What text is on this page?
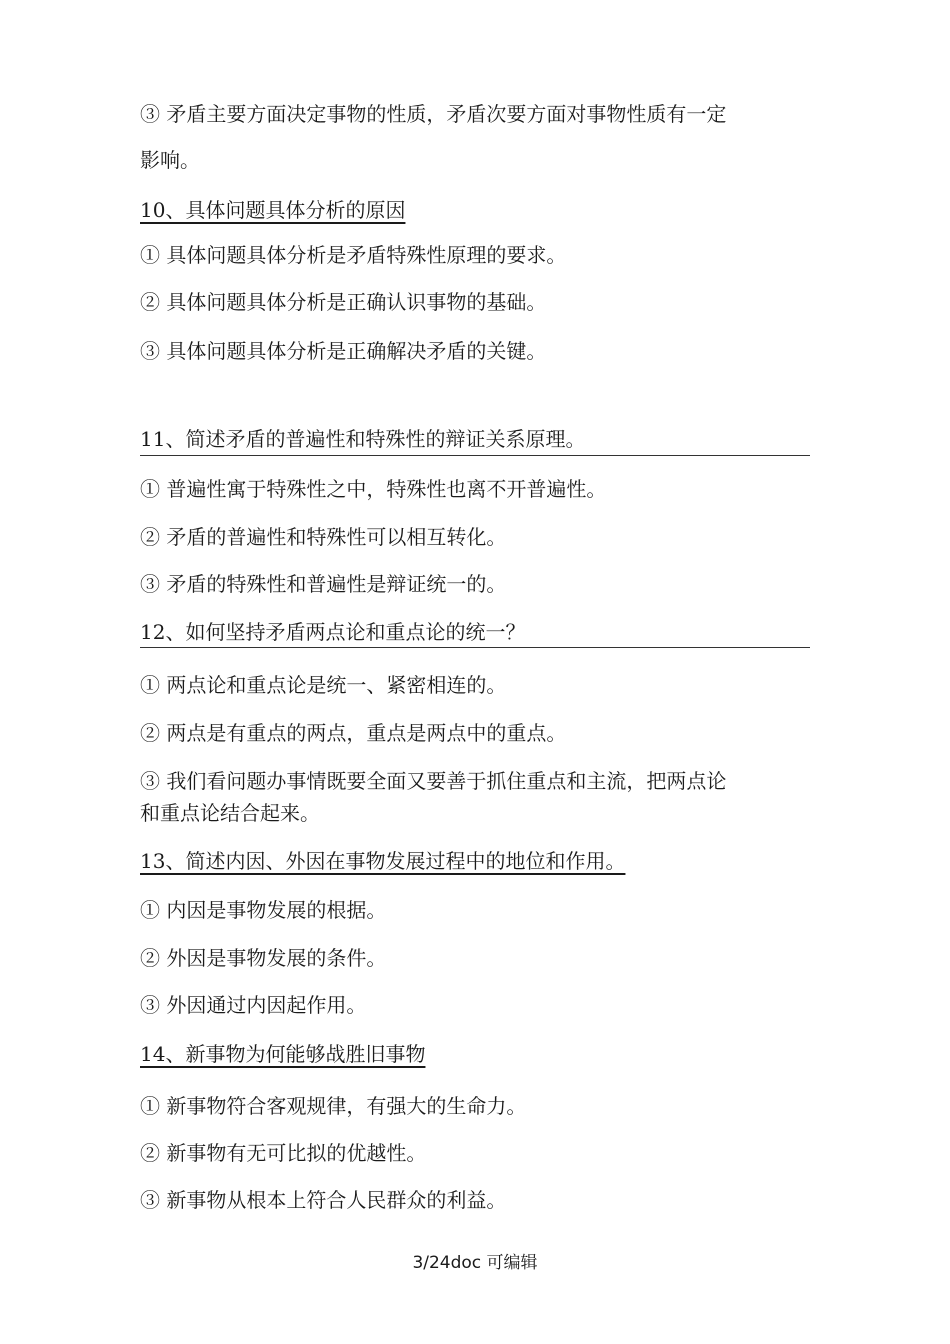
③ 矛盾主要方面决定事物的性质，矛盾次要方面对事物性质有一定
影响。
10、具体问题具体分析的原因
① 具体问题具体分析是矛盾特殊性原理的要求。
② 具体问题具体分析是正确认识事物的基础。
③ 具体问题具体分析是正确解决矛盾的关键。
11、简述矛盾的普遍性和特殊性的辩证关系原理。
① 普遍性寓于特殊性之中，特殊性也离不开普遍性。
② 矛盾的普遍性和特殊性可以相互转化。
③ 矛盾的特殊性和普遍性是辩证统一的。
12、如何坚持矛盾两点论和重点论的统一？
① 两点论和重点论是统一、紧密相连的。
② 两点是有重点的两点，重点是两点中的重点。
③ 我们看问题办事情既要全面又要善于抓住重点和主流，把两点论
和重点论结合起来。
13、简述内因、外因在事物发展过程中的地位和作用。
① 内因是事物发展的根据。
② 外因是事物发展的条件。
③ 外因通过内因起作用。
14、新事物为何能够战胜旧事物
① 新事物符合客观规律，有强大的生命力。
② 新事物有无可比拟的优越性。
③ 新事物从根本上符合人民群众的利益。
3/24doc 可编辑
